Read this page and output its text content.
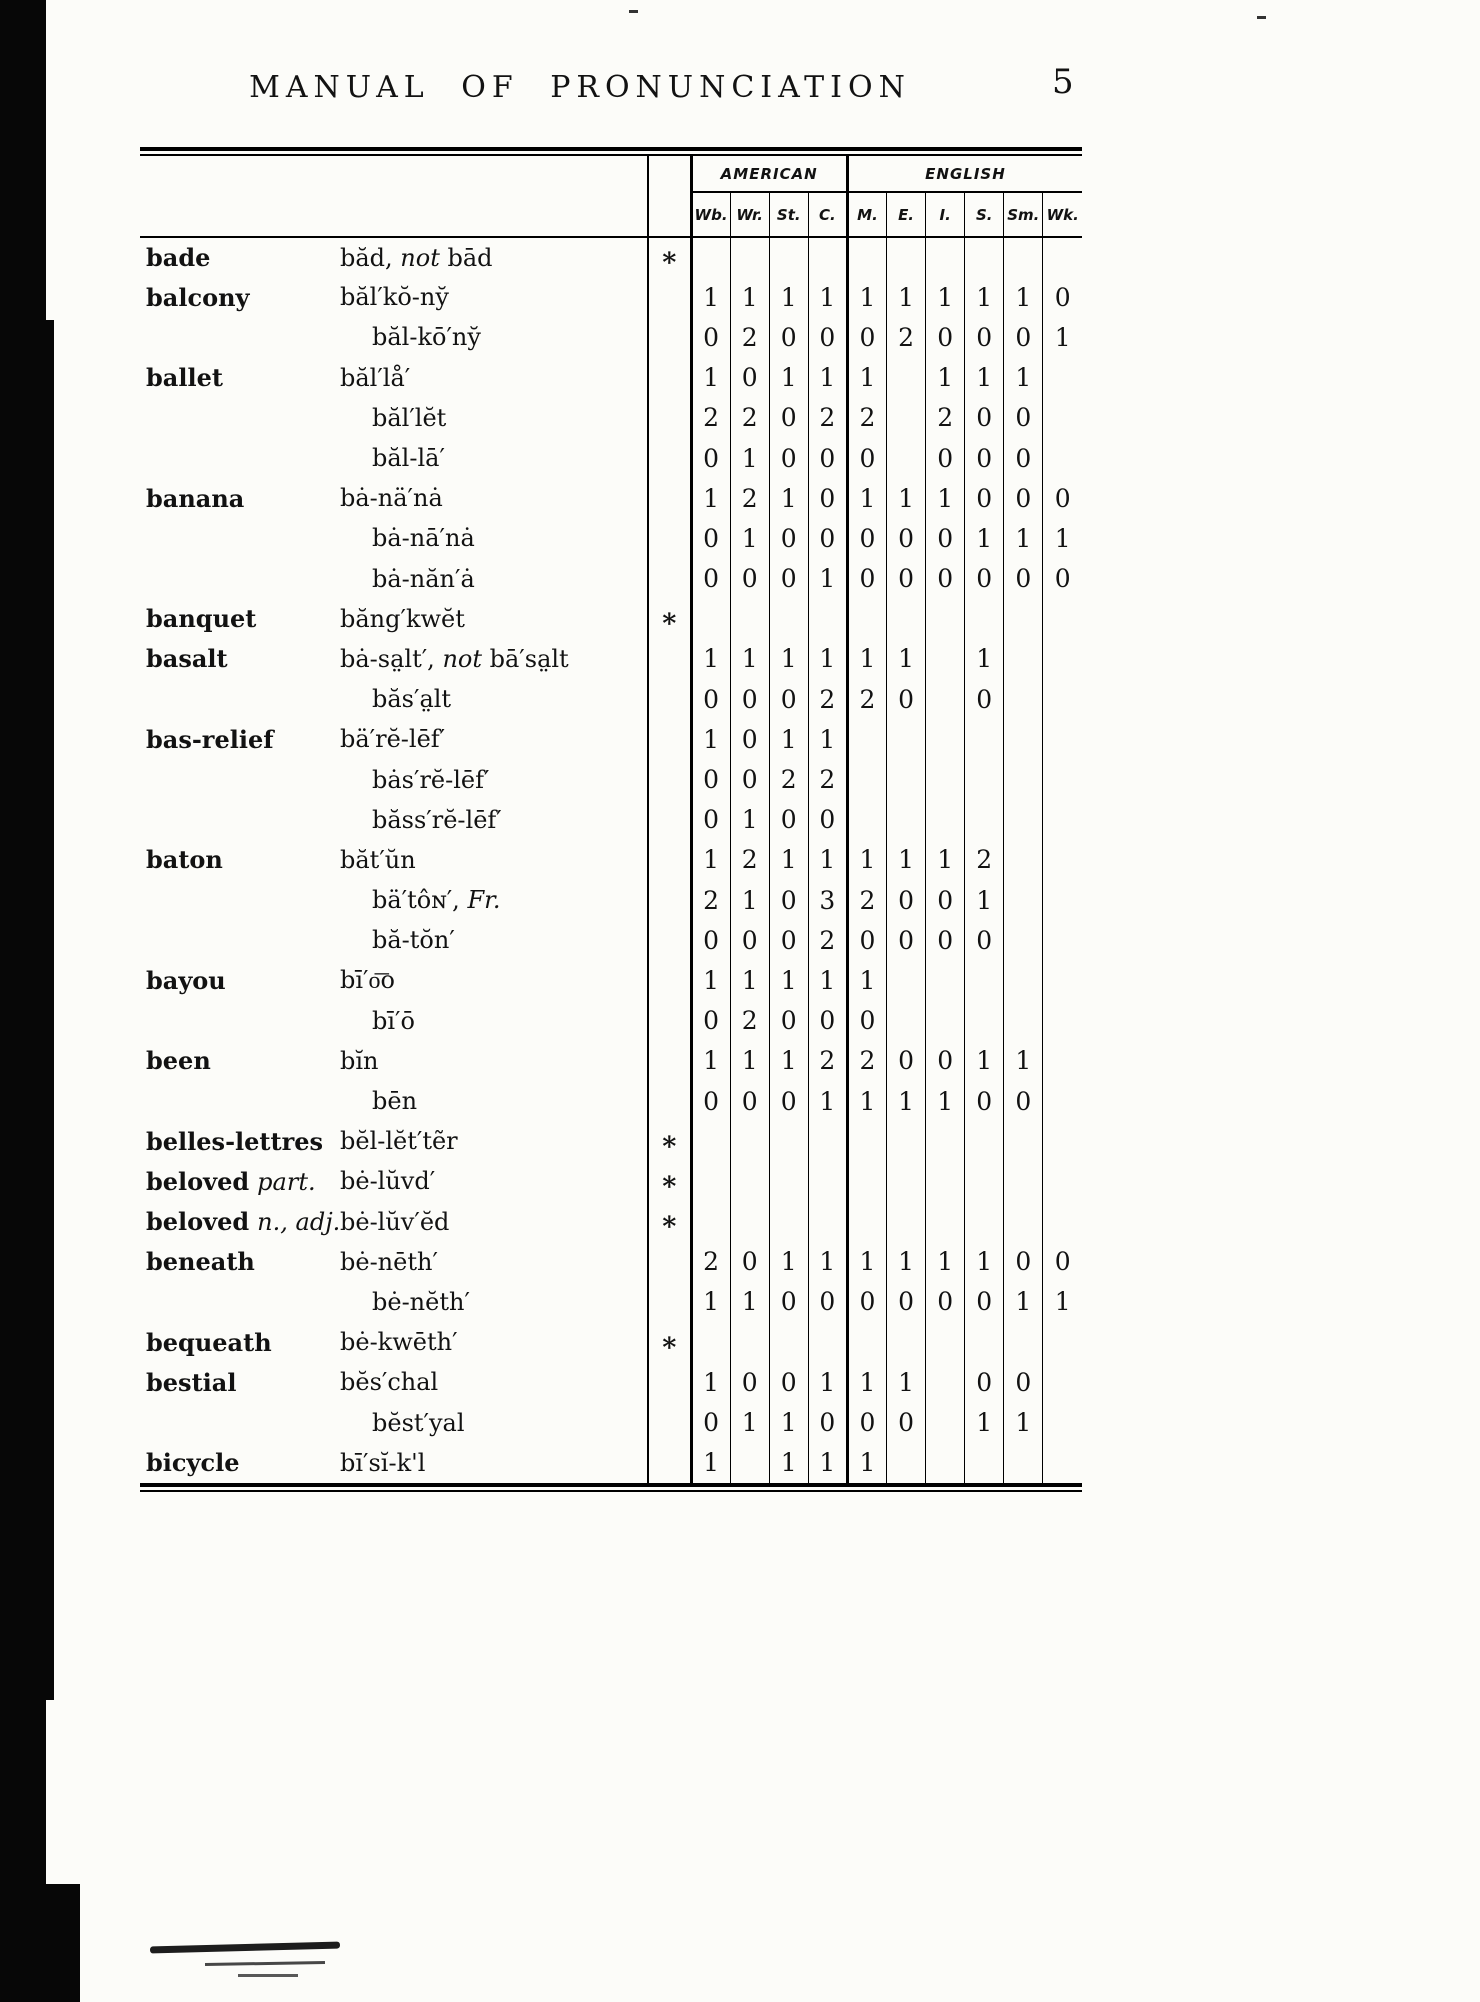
MANUAL OF PRONUNCIATION	5
			AMERICAN				ENGLISH					
			Wb.	Wr.	St.	C.	M.	E.	I.	S.	Sm.	Wk.
bade	băd, not bād	∗										
balcony	băl′kŏ-ny̆		1	1	1	1	1	1	1	1	1	0
	băl-kō′ny̆		0	2	0	0	0	2	0	0	0	1
ballet	băl′lå′		1	0	1	1	1		1	1	1	
	băl′lĕt		2	2	0	2	2		2	0	0	
	băl-lā′		0	1	0	0	0		0	0	0	
banana	bȧ-nä′nȧ		1	2	1	0	1	1	1	0	0	0
	bȧ-nā′nȧ		0	1	0	0	0	0	0	1	1	1
	bȧ-năn′ȧ		0	0	0	1	0	0	0	0	0	0
banquet	băng′kwĕt	∗										
basalt	bȧ-sa̤lt′, not bā′sa̤lt		1	1	1	1	1	1		1		
	băs′a̤lt		0	0	0	2	2	0		0		
bas-relief	bä′rĕ-lēf′		1	0	1	1						
	bȧs′rĕ-lēf′		0	0	2	2						
	băss′rĕ-lēf′		0	1	0	0						
baton	băt′ŭn		1	2	1	1	1	1	1	2		
	bä′tôɴ′, Fr.		2	1	0	3	2	0	0	1		
	bă-tŏn′		0	0	0	2	0	0	0	0		
bayou	bī′o͞o		1	1	1	1	1					
	bī′ō		0	2	0	0	0					
been	bĭn		1	1	1	2	2	0	0	1	1	
	bēn		0	0	0	1	1	1	1	0	0	
belles-lettres	bĕl-lĕt′tẽr	∗										
beloved part.	bė-lŭvd′	∗										
beloved n., adj.	bė-lŭv′ĕd	∗										
beneath	bė-nēth′		2	0	1	1	1	1	1	1	0	0
	bė-nĕth′		1	1	0	0	0	0	0	0	1	1
bequeath	bė-kwēth′	∗										
bestial	bĕs′chal		1	0	0	1	1	1		0	0	
	bĕst′yal		0	1	1	0	0	0		1	1	
bicycle	bī′sĭ-k'l		1		1	1	1					
